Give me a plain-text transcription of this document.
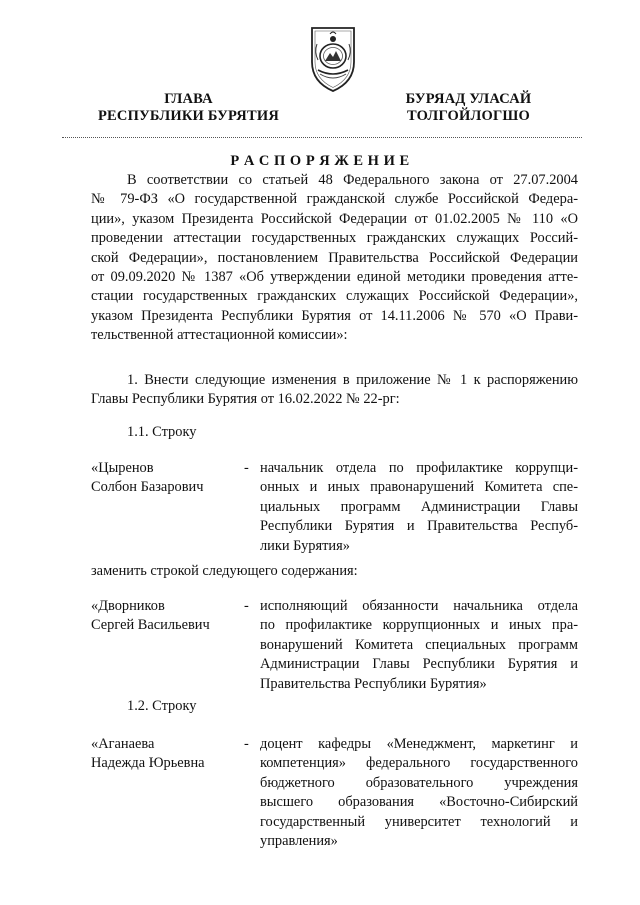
ГЛАВА
РЕСПУБЛИКИ БУРЯТИЯ
БУРЯАД УЛАСАЙ
ТОЛГОЙЛОГШО
Р А С П О Р Я Ж Е Н И Е
В соответствии со статьей 48 Федерального закона от 27.07.2004
№ 79-ФЗ «О государственной гражданской службе Российской Федера-
ции», указом Президента Российской Федерации от 01.02.2005 № 110 «О
проведении аттестации государственных гражданских служащих Россий-
ской Федерации», постановлением Правительства Российской Федерации
от 09.09.2020 № 1387 «Об утверждении единой методики проведения атте-
стации государственных гражданских служащих Российской Федерации»,
указом Президента Республики Бурятия от 14.11.2006 № 570 «О Прави-
тельственной аттестационной комиссии»:
1. Внести следующие изменения в приложение № 1 к распоряжению
Главы Республики Бурятия от 16.02.2022 № 22-рг:
1.1. Строку
«Цыренов
Солбон Базарович
- начальник отдела по профилактике коррупци-
онных и иных правонарушений Комитета спе-
циальных программ Администрации Главы
Республики Бурятия и Правительства Респуб-
лики Бурятия»
заменить строкой следующего содержания:
«Дворников
Сергей Васильевич
- исполняющий обязанности начальника отдела
по профилактике коррупционных и иных пра-
вонарушений Комитета специальных программ
Администрации Главы Республики Бурятия и
Правительства Республики Бурятия»
1.2. Строку
«Аганаева
Надежда Юрьевна
- доцент кафедры «Менеджмент, маркетинг и
компетенция» федерального государственного
бюджетного образовательного учреждения
высшего образования «Восточно-Сибирский
государственный университет технологий и
управления»
